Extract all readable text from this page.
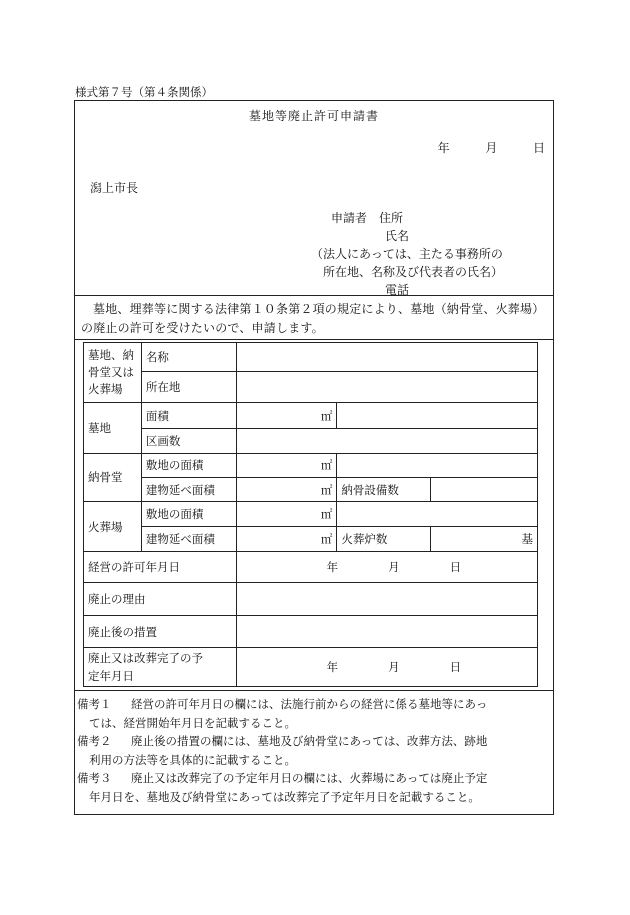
様式第７号（第４条関係）
墓地等廃止許可申請書
年	月	日
潟上市長
申請者　 住所
氏名
（法人にあっては、主たる事務所の
所在地、名称及び代表者の氏名）
電話
墓地、埋葬等に関する法律第１０条第２項の規定により、墓地（納骨堂、火葬場）の廃止の許可を受けたいので、申請します。
墓地、納骨堂又は火葬場	名称			
	所在地			
墓地	面積	㎡		
	区画数			
納骨堂	敷地の面積	㎡		
	建物延べ面積	㎡	納骨設備数	
火葬場	敷地の面積	㎡		
	建物延べ面積	㎡	火葬炉数	基
経営の許可年月日		年 月 日		
廃止の理由				
廃止後の措置				

廃止又は改葬完了の予
定年月日		年 月 日		
備考１ 経営の許可年月日の欄には、法施行前からの経営に係る墓地等にあっ
ては、経営開始年月日を記載すること。
備考２ 廃止後の措置の欄には、墓地及び納骨堂にあっては、改葬方法、跡地
利用の方法等を具体的に記載すること。
備考３ 廃止又は改葬完了の予定年月日の欄には、火葬場にあっては廃止予定
年月日を、墓地及び納骨堂にあっては改葬完了予定年月日を記載すること。
